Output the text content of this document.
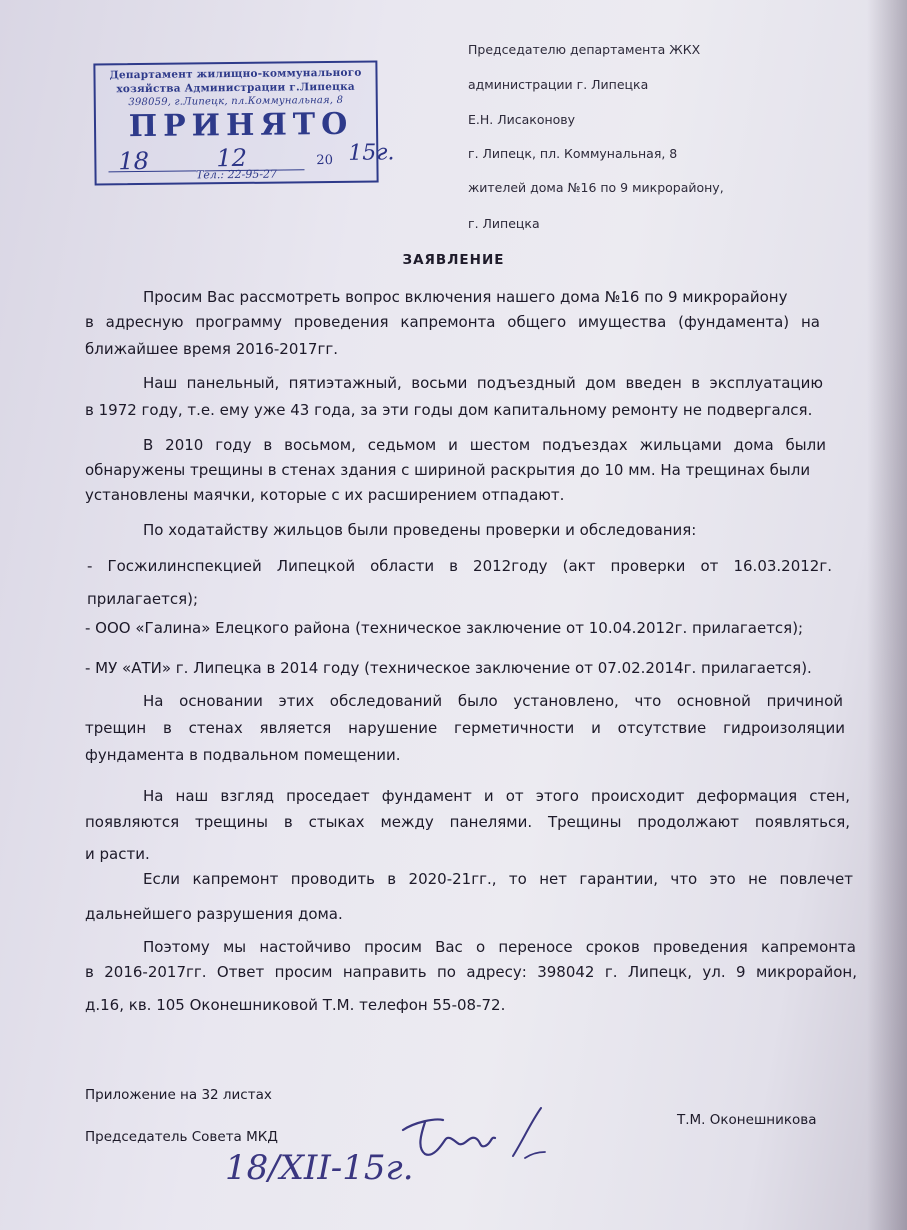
Департамент жилищно-коммунального
хозяйства Администрации г.Липецка
398059, г.Липецк, пл.Коммунальная, 8
ПРИНЯТО
18	12	20 15г.
Тел.: 22-95-27
Председателю департамента ЖКХ
администрации г. Липецка
Е.Н. Лисаконову
г. Липецк, пл. Коммунальная, 8
жителей дома №16 по 9 микрорайону,
г. Липецка
ЗАЯВЛЕНИЕ
Просим Вас рассмотреть вопрос включения нашего дома №16 по 9 микрорайону
в адресную программу проведения капремонта общего имущества (фундамента) на
ближайшее время 2016-2017гг.
Наш панельный, пятиэтажный, восьми подъездный дом введен в эксплуатацию
в 1972 году, т.е. ему уже 43 года, за эти годы дом капитальному ремонту не подвергался.
В 2010 году в восьмом, седьмом и шестом подъездах жильцами дома были
обнаружены трещины в стенах здания с шириной раскрытия до 10 мм. На трещинах были
установлены маячки, которые с их расширением отпадают.
По ходатайству жильцов были проведены проверки и обследования:
- Госжилинспекцией Липецкой области в 2012году (акт проверки от 16.03.2012г.
прилагается);
- ООО «Галина» Елецкого района (техническое заключение от 10.04.2012г. прилагается);
- МУ «АТИ» г. Липецка в 2014 году (техническое заключение от 07.02.2014г. прилагается).
На основании этих обследований было установлено, что основной причиной
трещин в стенах является нарушение герметичности и отсутствие гидроизоляции
фундамента в подвальном помещении.
На наш взгляд проседает фундамент и от этого происходит деформация стен,
появляются трещины в стыках между панелями. Трещины продолжают появляться,
и расти.
Если капремонт проводить в 2020-21гг., то нет гарантии, что это не повлечет
дальнейшего разрушения дома.
Поэтому мы настойчиво просим Вас о переносе сроков проведения капремонта
в 2016-2017гг. Ответ просим направить по адресу: 398042 г. Липецк, ул. 9 микрорайон,
д.16, кв. 105 Оконешниковой Т.М. телефон 55-08-72.
Приложение на 32 листах
Председатель Совета МКД
Т.М. Оконешникова
18/XII-15г.
